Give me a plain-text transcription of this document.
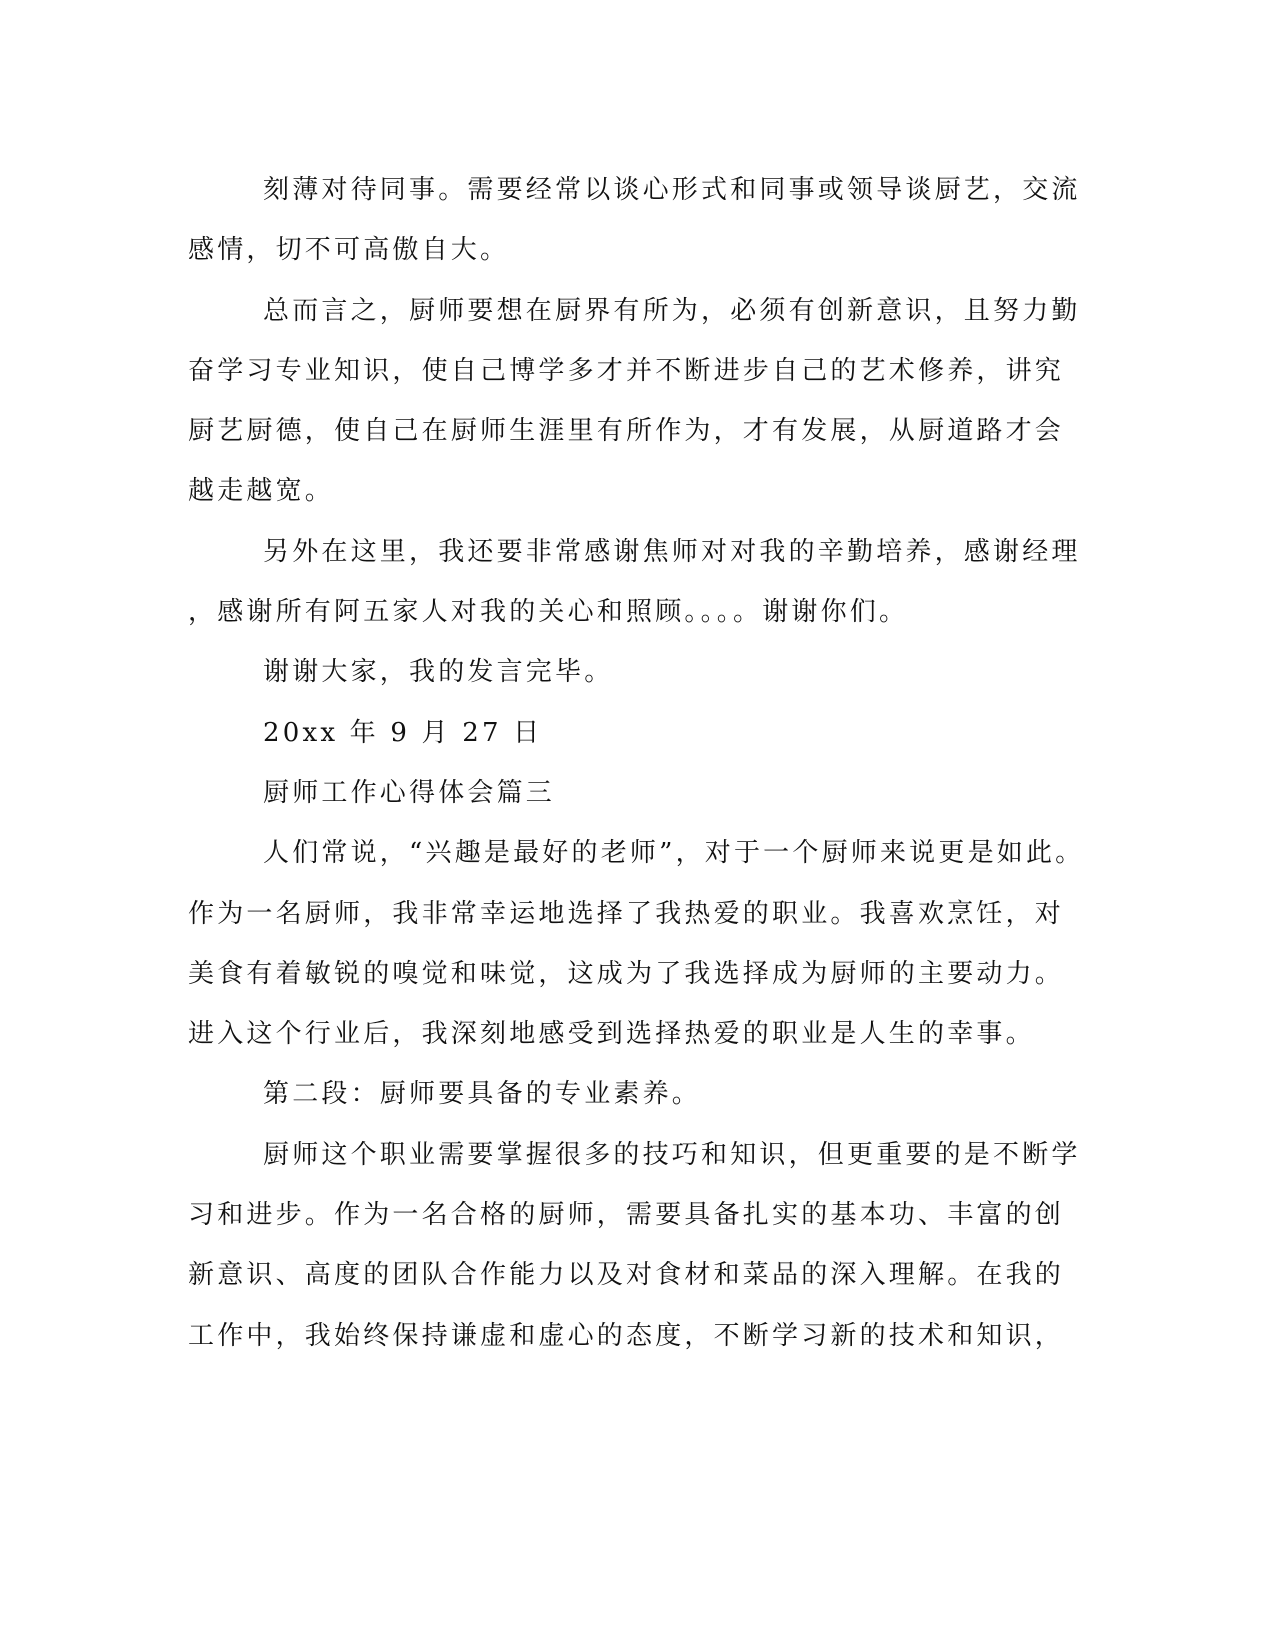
刻薄对待同事。需要经常以谈心形式和同事或领导谈厨艺，交流
感情，切不可高傲自大。
总而言之，厨师要想在厨界有所为，必须有创新意识，且努力勤
奋学习专业知识，使自己博学多才并不断进步自己的艺术修养，讲究
厨艺厨德，使自己在厨师生涯里有所作为，才有发展，从厨道路才会
越走越宽。
另外在这里，我还要非常感谢焦师对对我的辛勤培养，感谢经理
，感谢所有阿五家人对我的关心和照顾。。。。谢谢你们。
谢谢大家，我的发言完毕。
20xx 年 9 月 27 日
厨师工作心得体会篇三
人们常说，“兴趣是最好的老师”，对于一个厨师来说更是如此。
作为一名厨师，我非常幸运地选择了我热爱的职业。我喜欢烹饪，对
美食有着敏锐的嗅觉和味觉，这成为了我选择成为厨师的主要动力。
进入这个行业后，我深刻地感受到选择热爱的职业是人生的幸事。
第二段：厨师要具备的专业素养。
厨师这个职业需要掌握很多的技巧和知识，但更重要的是不断学
习和进步。作为一名合格的厨师，需要具备扎实的基本功、丰富的创
新意识、高度的团队合作能力以及对食材和菜品的深入理解。在我的
工作中，我始终保持谦虚和虚心的态度，不断学习新的技术和知识，
